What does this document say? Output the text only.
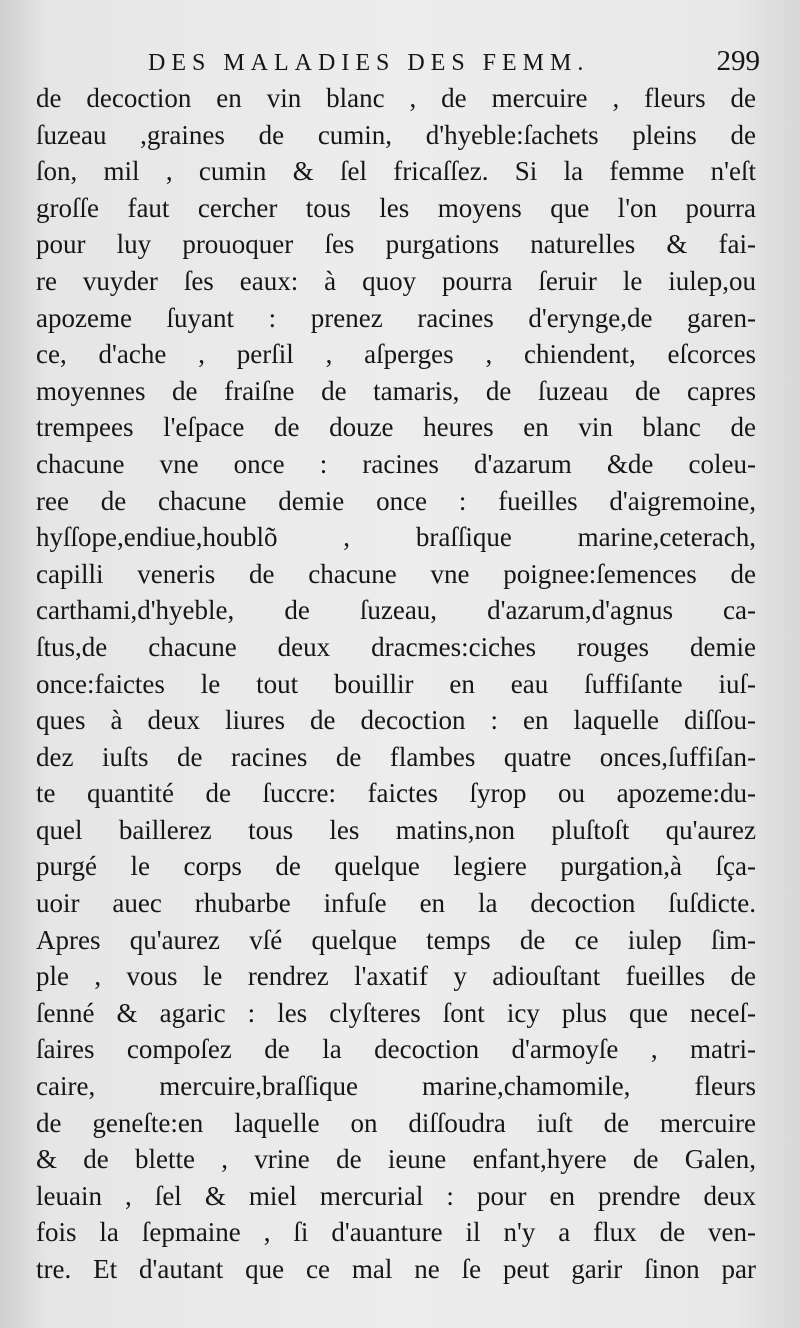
DES MALADIES DES FEMM.	299
de decoction en vin blanc , de mercuire , fleurs de
ſuzeau ,graines de cumin, d'hyeble:ſachets pleins de
ſon, mil , cumin & ſel fricaſſez. Si la femme n'eſt
groſſe faut cercher tous les moyens que l'on pourra
pour luy prouoquer ſes purgations naturelles & fai-
re vuyder ſes eaux: à quoy pourra ſeruir le iulep,ou
apozeme ſuyant : prenez racines d'eryngе,de garen-
ce, d'ache , perſil , aſperges , chiendent, eſcorces
moyennes de fraiſne de tamaris, de ſuzeau de capres
trempees l'eſpace de douze heures en vin blanc de
chacune vne once : racines d'azarum &de coleu-
ree de chacune demie once : fueilles d'aigremoine,
hyſſope,endiue,houblõ , braſſique marine,ceterach,
capilli veneris de chacune vne poignee:ſemences de
carthami,d'hyeble, de ſuzeau, d'azarum,d'agnus ca-
ſtus,de chacune deux dracmes:ciches rouges demie
once:faictes le tout bouillir en eau ſuffiſante iuſ-
ques à deux liures de decoction : en laquelle diſſou-
dez iuſts de racines de flambes quatre onces,ſuffiſan-
te quantité de ſuccre: faictes ſyrop ou apozeme:du-
quel baillerez tous les matins,non pluſtoſt qu'aurez
purgé le corps de quelque legiere purgation,à ſça-
uoir auec rhubarbe infuſe en la decoction ſuſdicte.
Apres qu'aurez vſé quelque temps de ce iulep ſim-
ple , vous le rendrez l'axatif y adiouſtant fueilles de
ſenné & agaric : les clyſteres ſont icy plus que neceſ-
ſaires compoſez de la decoction d'armoyſe , matri-
caire, mercuire,braſſique marine,chamomile, fleurs
de geneſte:en laquelle on diſſoudra iuſt de mercuire
& de blette , vrine de ieune enfant,hyere de Galen,
leuain , ſel & miel mercurial : pour en prendre deux
fois la ſepmaine , ſi d'auanture il n'y a flux de ven-
tre. Et d'autant que ce mal ne ſe peut garir ſinon par
